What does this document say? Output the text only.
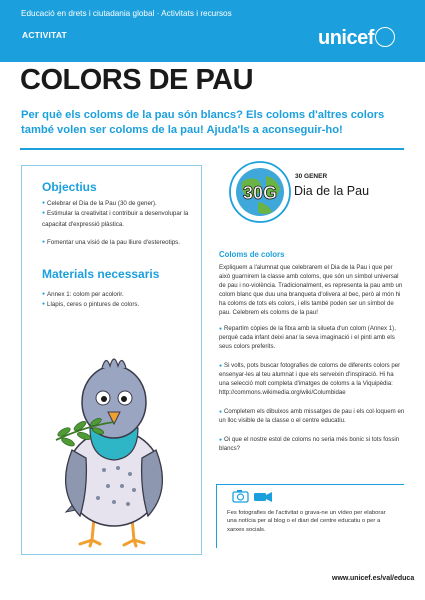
Educació en drets i ciutadania global · Activitats i recursos
ACTIVITAT	unicef
COLORS DE PAU
Per què els coloms de la pau són blancs? Els coloms d'altres colors també volen ser coloms de la pau! Ajuda'ls a aconseguir-ho!
Objectius
● Celebrar el Dia de la Pau (30 de gener).
● Estimular la creativitat i contribuir a desenvolupar la capacitat d'expressió plàstica.
● Fomentar una visió de la pau lliure d'estereotips.
Materials necessaris
● Annex 1: colom per acolorir.
● Llapis, ceres o pintures de colors.
30G
30 GENER
Dia de la Pau
Coloms de colors
Expliquem a l'alumnat que celebrarem el Dia de la Pau i que per això guarnirem la classe amb coloms, que són un símbol universal de pau i no-violència. Tradicionalment, es representa la pau amb un colom blanc que duu una branqueta d'olivera al bec, però al món hi ha coloms de tots els colors, i ells també poden ser un símbol de pau. Celebrem els coloms de la pau!
● Repartim còpies de la fitxa amb la silueta d'un colom (Annex 1), perquè cada infant deixi anar la seva imaginació i el pinti amb els seus colors preferits.
● Si volts, pots buscar fotografies de coloms de diferents colors per ensenyar-les al teu alumnat i que els serveixin d'inspiració. Hi ha una selecció molt completa d'imatges de coloms a la Viquipèdia: http://commons.wikimedia.org/wiki/Columbidae
● Completem els dibuixos amb missatges de pau i els col·loquem en un lloc visible de la classe o el centre educatiu.
● Oi que el nostre estol de coloms no seria més bonic si tots fossin blancs?
Fes fotografies de l'activitat o grava-ne un vídeo per elaborar una notícia per al blog o el diari del centre educatiu o per a xarxes socials.
www.unicef.es/val/educa
